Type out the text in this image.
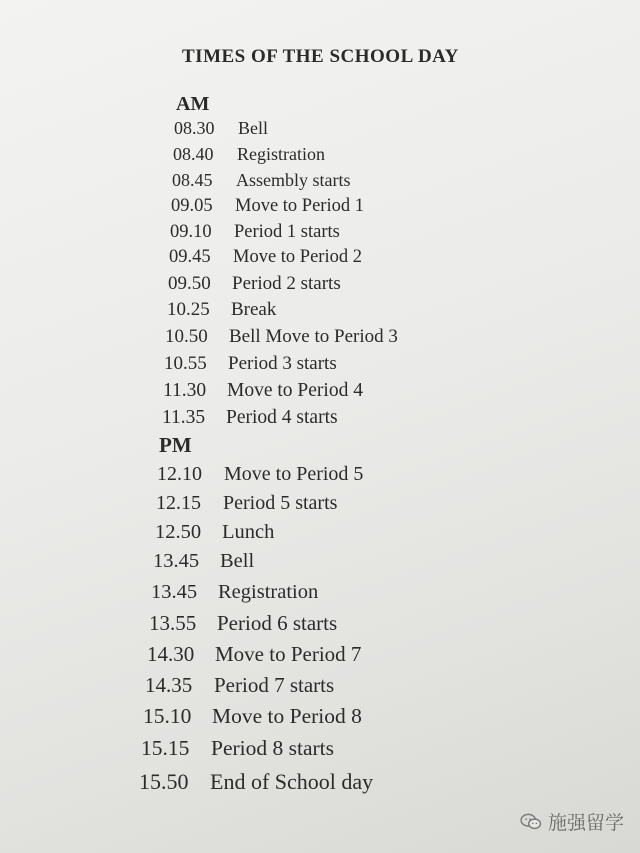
TIMES OF THE SCHOOL DAY
AM
08.30 Bell
08.40 Registration
08.45 Assembly starts
09.05 Move to Period 1
09.10 Period 1 starts
09.45 Move to Period 2
09.50 Period 2 starts
10.25 Break
10.50 Bell Move to Period 3
10.55 Period 3 starts
11.30 Move to Period 4
11.35 Period 4 starts
PM
12.10 Move to Period 5
12.15 Period 5 starts
12.50 Lunch
13.45 Bell
13.45 Registration
13.55 Period 6 starts
14.30 Move to Period 7
14.35 Period 7 starts
15.10 Move to Period 8
15.15 Period 8 starts
15.50 End of School day
施强留学
